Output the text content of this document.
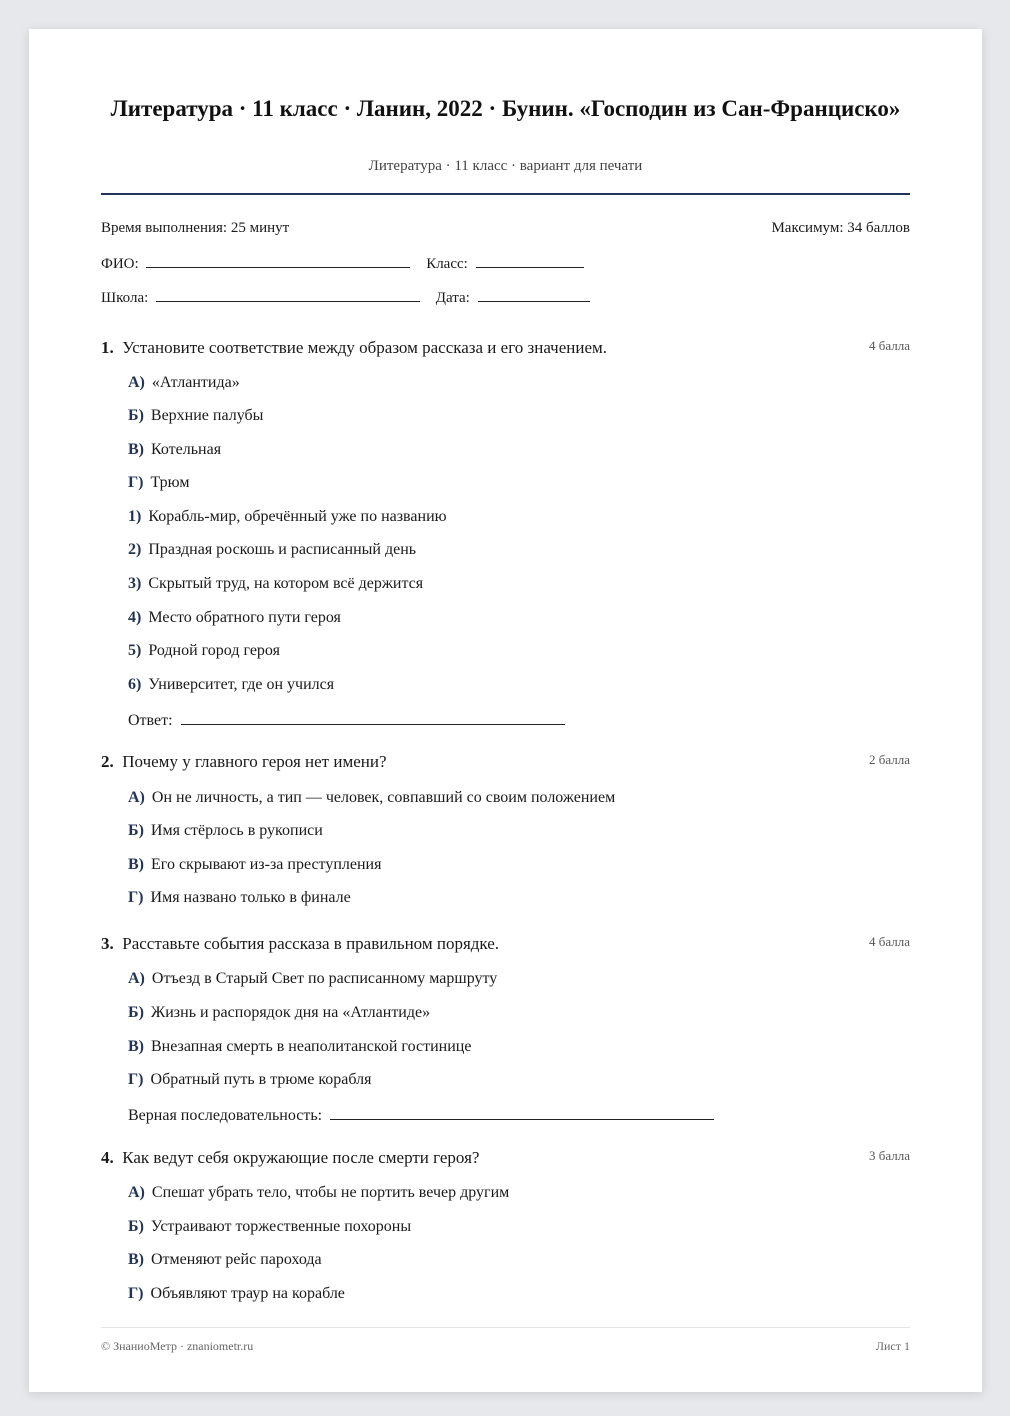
Литература · 11 класс · Ланин, 2022 · Бунин. «Господин из Сан-Франциско»
Литература · 11 класс · вариант для печати
Время выполнения: 25 минут	Максимум: 34 баллов
ФИО:	Класс:
Школа:	Дата:
1. Установите соответствие между образом рассказа и его значением.	4 балла
А) «Атлантида»
Б) Верхние палубы
В) Котельная
Г) Трюм
1) Корабль-мир, обречённый уже по названию
2) Праздная роскошь и расписанный день
3) Скрытый труд, на котором всё держится
4) Место обратного пути героя
5) Родной город героя
6) Университет, где он учился
Ответ:
2. Почему у главного героя нет имени?	2 балла
А) Он не личность, а тип — человек, совпавший со своим положением
Б) Имя стёрлось в рукописи
В) Его скрывают из-за преступления
Г) Имя названо только в финале
3. Расставьте события рассказа в правильном порядке.	4 балла
А) Отъезд в Старый Свет по расписанному маршруту
Б) Жизнь и распорядок дня на «Атлантиде»
В) Внезапная смерть в неаполитанской гостинице
Г) Обратный путь в трюме корабля
Верная последовательность:
4. Как ведут себя окружающие после смерти героя?	3 балла
А) Спешат убрать тело, чтобы не портить вечер другим
Б) Устраивают торжественные похороны
В) Отменяют рейс парохода
Г) Объявляют траур на корабле
© ЗнаниоМетр · znaniometr.ru	Лист 1
